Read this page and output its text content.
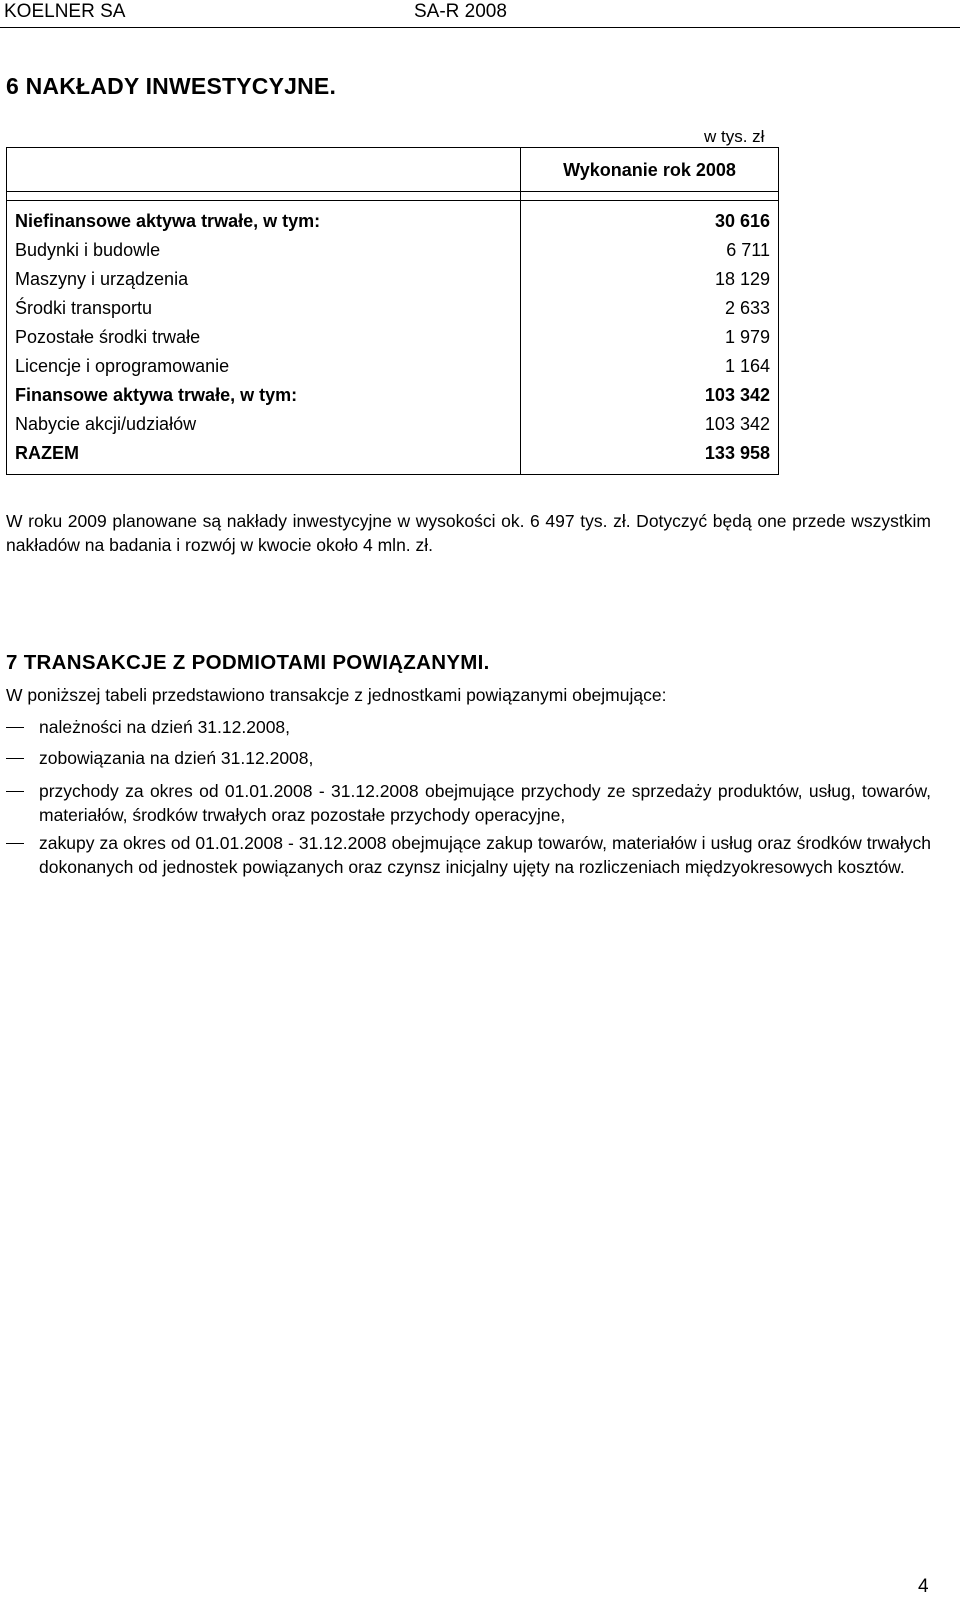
KOELNER SA	SA-R 2008
6 NAKŁADY INWESTYCYJNE.
w tys. zł
	Wykonanie rok 2008

Niefinansowe aktywa trwałe, w tym:	30 616
Budynki i budowle	6 711
Maszyny i urządzenia	18 129
Środki transportu	2 633
Pozostałe środki trwałe	1 979
Licencje i oprogramowanie	1 164
Finansowe aktywa trwałe, w tym:	103 342
Nabycie akcji/udziałów	103 342
RAZEM	133 958
W roku 2009 planowane są nakłady inwestycyjne w wysokości ok. 6 497 tys. zł. Dotyczyć będą one przede wszystkim nakładów na badania i rozwój w kwocie około 4 mln. zł.
7 TRANSAKCJE Z PODMIOTAMI POWIĄZANYMI.
W poniższej tabeli przedstawiono transakcje z jednostkami powiązanymi obejmujące:
należności na dzień 31.12.2008,
zobowiązania na dzień 31.12.2008,
przychody za okres od 01.01.2008 - 31.12.2008 obejmujące przychody ze sprzedaży produktów, usług, towarów, materiałów, środków trwałych oraz pozostałe przychody operacyjne,
zakupy za okres od 01.01.2008 - 31.12.2008 obejmujące zakup towarów, materiałów i usług oraz środków trwałych dokonanych od jednostek powiązanych oraz czynsz inicjalny ujęty na rozliczeniach międzyokresowych kosztów.
4
